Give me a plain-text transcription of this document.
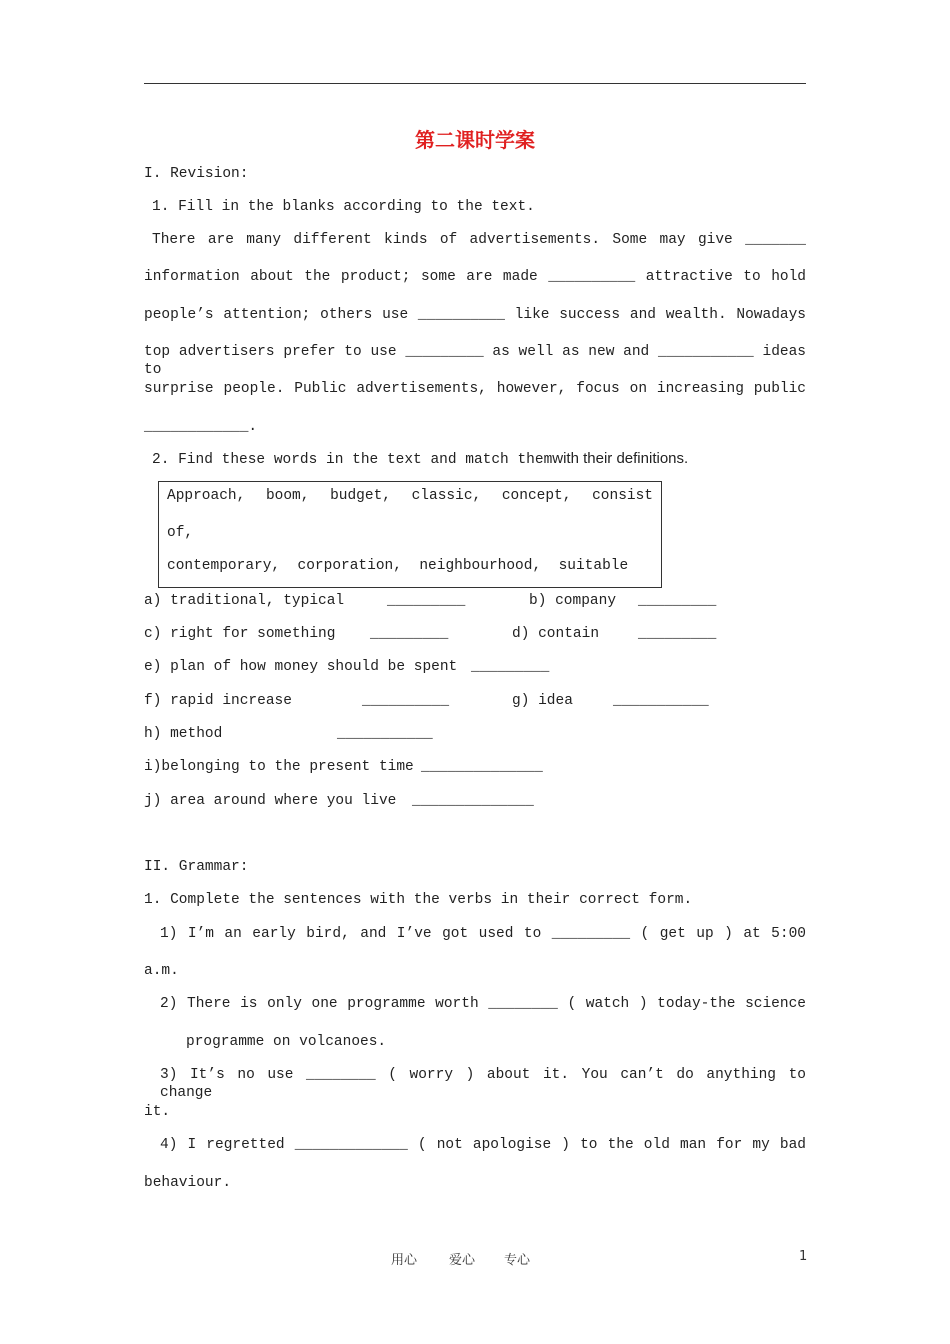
第二课时学案
I. Revision:
1. Fill in the blanks according to the text.
There are many different kinds of advertisements. Some may give _______
information about the product; some are made __________ attractive to hold
people’s attention; others use __________ like success and wealth. Nowadays
top advertisers prefer to use _________ as well as new and ___________ ideas to
surprise people. Public advertisements, however, focus on increasing public
____________.
2. Find these words in the text and match themwith their definitions.
Approach, boom, budget, classic, concept, consist
of,
contemporary,  corporation,  neighbourhood,  suitable
a) traditional, typical	_________	b) company _________
c) right for something _________	d) contain	_________
e) plan of how money should be spent _________
f) rapid increase	__________	g) idea	___________
h) method	___________
i)belonging to the present time ______________
j) area around where you live ______________
II. Grammar:
1. Complete the sentences with the verbs in their correct form.
1) I’m an early bird, and I’ve got used to _________ ( get up ) at 5:00
a.m.
2) There is only one programme worth ________ ( watch ) today-the science
programme on volcanoes.
3) It’s no use ________ ( worry ) about it. You can’t do anything to change
it.
4) I regretted _____________ ( not apologise ) to the old man for my bad
behaviour.
用心 爱心 专心	1
